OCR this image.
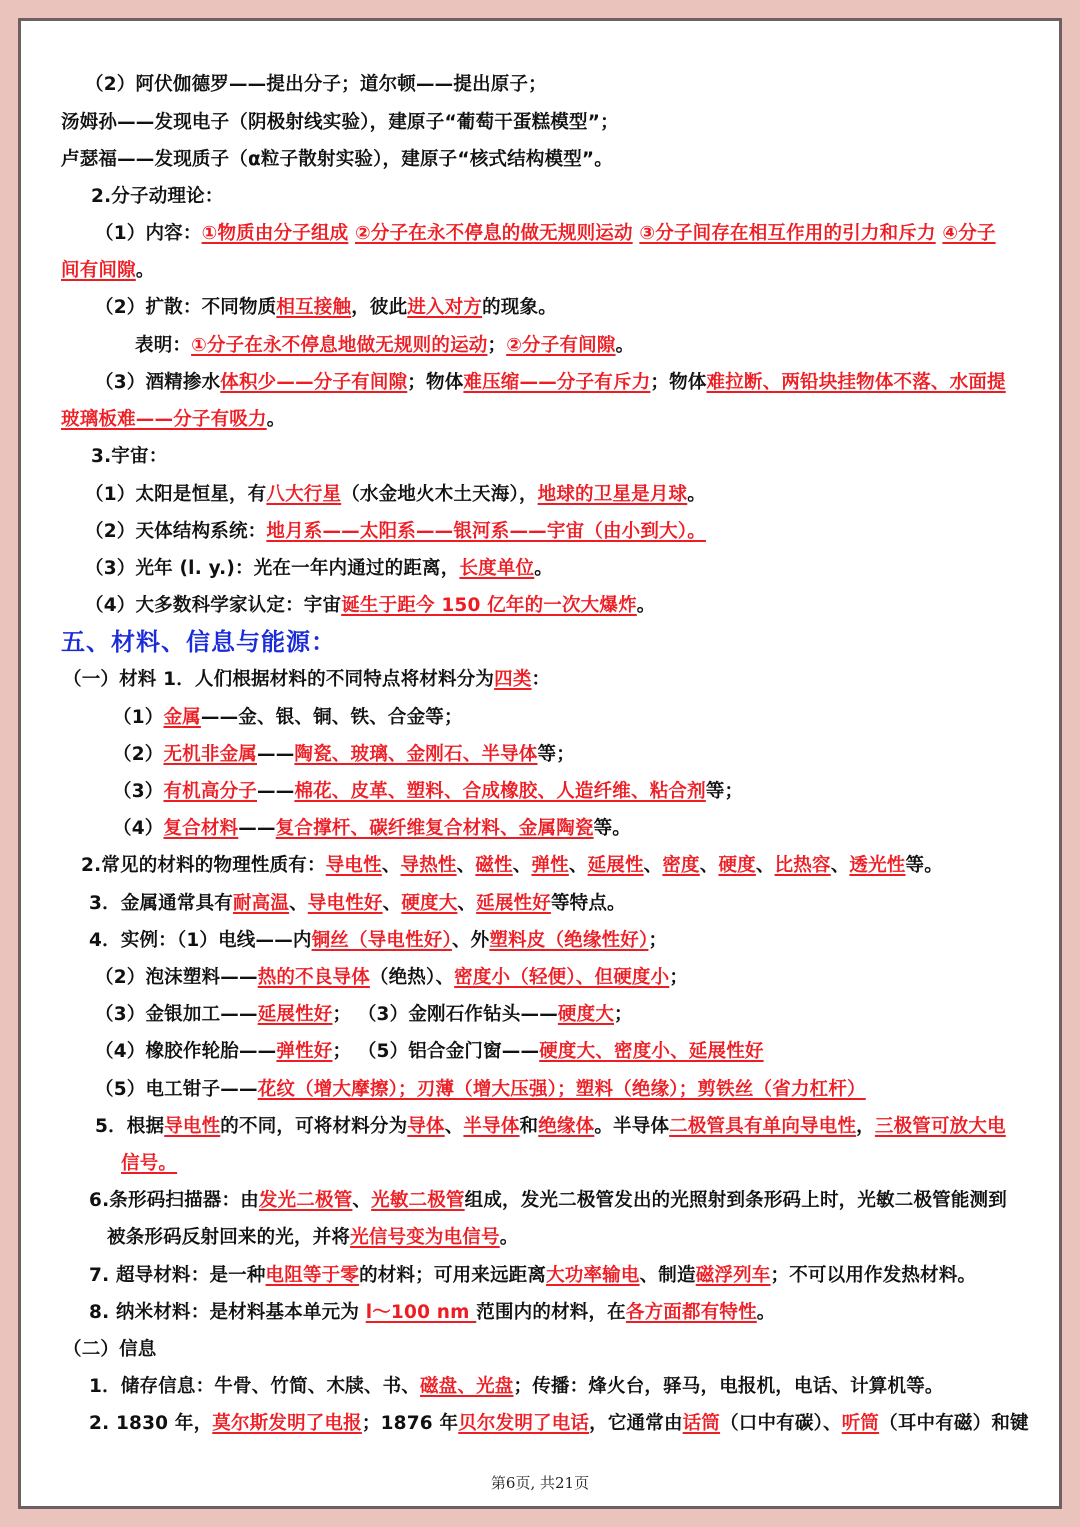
（2）阿伏伽德罗——提出分子；道尔顿——提出原子；
汤姆孙——发现电子（阴极射线实验），建原子“葡萄干蛋糕模型”；
卢瑟福——发现质子（α粒子散射实验），建原子“核式结构模型”。
2.分子动理论：
（1）内容：①物质由分子组成 ②分子在永不停息的做无规则运动 ③分子间存在相互作用的引力和斥力 ④分子
间有间隙。
（2）扩散：不同物质相互接触，彼此进入对方的现象。
表明：①分子在永不停息地做无规则的运动；②分子有间隙。
（3）酒精掺水体积少——分子有间隙；物体难压缩——分子有斥力；物体难拉断、两铅块挂物体不落、水面提
玻璃板难——分子有吸力。
3.宇宙：
（1）太阳是恒星，有八大行星（水金地火木土天海），地球的卫星是月球。
（2）天体结构系统：地月系——太阳系——银河系——宇宙（由小到大）。
（3）光年 (l. y.)：光在一年内通过的距离，长度单位。
（4）大多数科学家认定：宇宙诞生于距今 150 亿年的一次大爆炸。
五、材料、信息与能源：
（一）材料 1．人们根据材料的不同特点将材料分为四类：
（1）金属——金、银、铜、铁、合金等；
（2）无机非金属——陶瓷、玻璃、金刚石、半导体等；
（3）有机高分子——棉花、皮革、塑料、合成橡胶、人造纤维、粘合剂等；
（4）复合材料——复合撑杆、碳纤维复合材料、金属陶瓷等。
2.常见的材料的物理性质有：导电性、导热性、磁性、弹性、延展性、密度、硬度、比热容、透光性等。
3．金属通常具有耐高温、导电性好、硬度大、延展性好等特点。
4．实例：（1）电线——内铜丝（导电性好）、外塑料皮（绝缘性好）；
（2）泡沫塑料——热的不良导体（绝热）、密度小（轻便）、但硬度小；
（3）金银加工——延展性好； （3）金刚石作钻头——硬度大；
（4）橡胶作轮胎——弹性好； （5）铝合金门窗——硬度大、密度小、延展性好
（5）电工钳子——花纹（增大摩擦）；刃薄（增大压强）；塑料（绝缘）；剪铁丝（省力杠杆）
5．根据导电性的不同，可将材料分为导体、半导体和绝缘体。半导体二极管具有单向导电性，三极管可放大电
信号。
6.条形码扫描器：由发光二极管、光敏二极管组成，发光二极管发出的光照射到条形码上时，光敏二极管能测到
被条形码反射回来的光，并将光信号变为电信号。
7. 超导材料：是一种电阻等于零的材料；可用来远距离大功率输电、制造磁浮列车；不可以用作发热材料。
8. 纳米材料：是材料基本单元为 l～100 nm 范围内的材料，在各方面都有特性。
（二）信息
1．储存信息：牛骨、竹简、木牍、书、磁盘、光盘；传播：烽火台，驿马，电报机，电话、计算机等。
2. 1830 年，莫尔斯发明了电报；1876 年贝尔发明了电话，它通常由话筒（口中有碳）、听筒（耳中有磁）和键
第6页, 共21页
